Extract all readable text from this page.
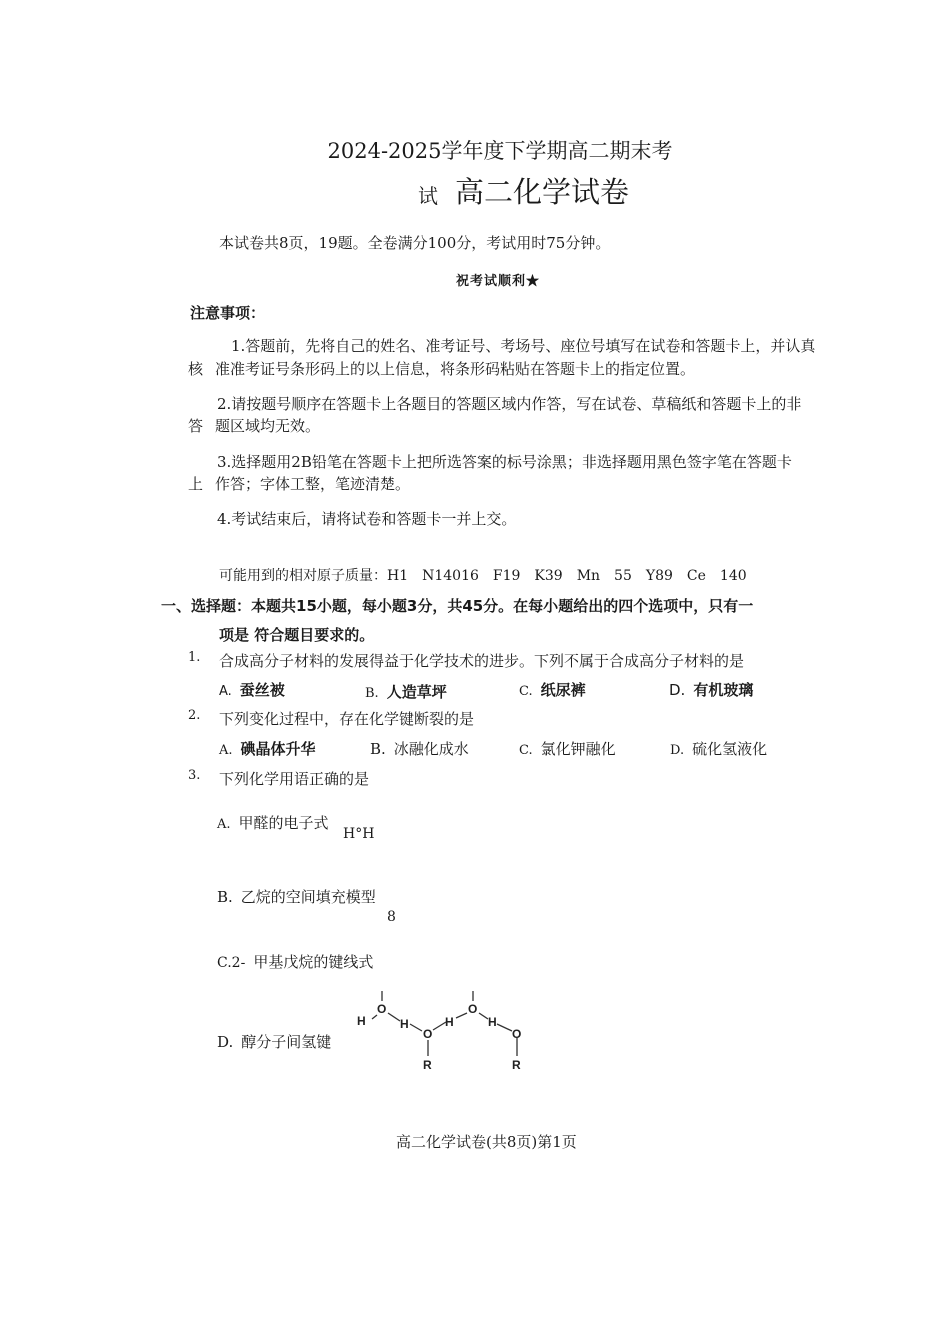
2024-2025学年度下学期高二期末考
试 高二化学试卷
本试卷共8页，19题。全卷满分100分，考试用时75分钟。
祝考试顺利★
注意事项：
1.答题前，先将自己的姓名、准考证号、考场号、座位号填写在试卷和答题卡上，并认真
核 准准考证号条形码上的以上信息，将条形码粘贴在答题卡上的指定位置。
2.请按题号顺序在答题卡上各题目的答题区域内作答，写在试卷、草稿纸和答题卡上的非
答 题区域均无效。
3.选择题用2B铅笔在答题卡上把所选答案的标号涂黑；非选择题用黑色签字笔在答题卡
上 作答；字体工整，笔迹清楚。
4.考试结束后，请将试卷和答题卡一并上交。
可能用到的相对原子质量：H1　N14016　F19　K39　Mn　55　Y89　Ce　140
一、选择题：本题共15小题，每小题3分，共45分。在每小题给出的四个选项中，只有一
项是 符合题目要求的。
1. 合成高分子材料的发展得益于化学技术的进步。下列不属于合成高分子材料的是
A. 蚕丝被	B. 人造草坪	C. 纸尿裤	D. 有机玻璃
2. 下列变化过程中，存在化学键断裂的是
A. 碘晶体升华	B. 冰融化成水	C. 氯化钾融化	D. 硫化氢液化
3. 下列化学用语正确的是
A. 甲醛的电子式
H°H
B. 乙烷的空间填充模型
8
C.2- 甲基戊烷的键线式
D. 醇分子间氢键
H
O
H
O
R
H
O
H
O
R
高二化学试卷(共8页)第1页
